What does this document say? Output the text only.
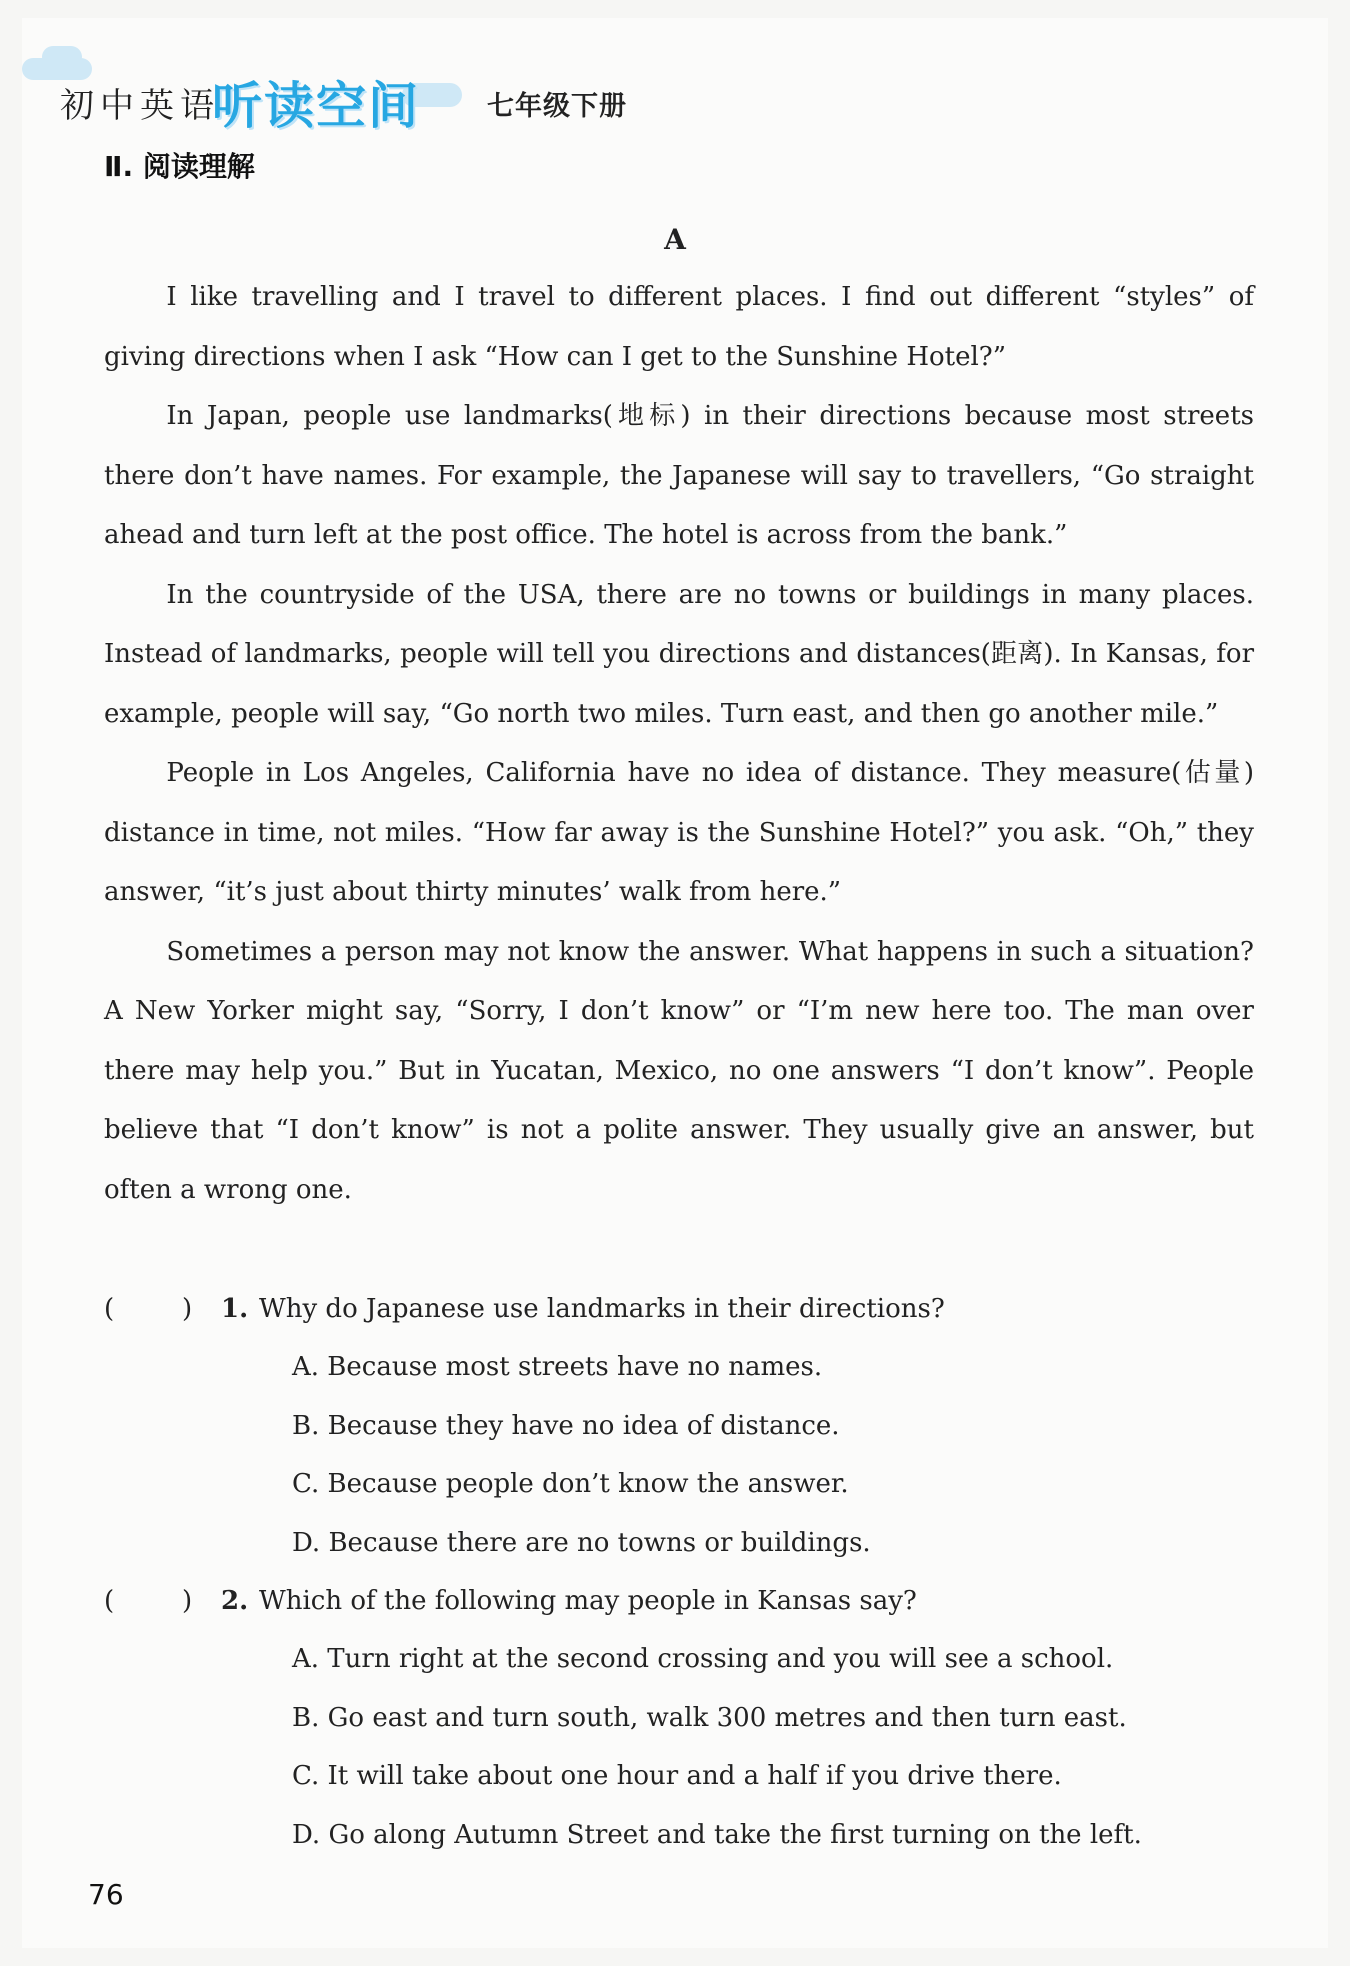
初中英语
听读空间 七年级下册
Ⅱ. 阅读理解
A

I like travelling and I travel to different places. I find out different “styles” of giving directions when I ask “How can I get to the Sunshine Hotel?”

In Japan, people use landmarks(地标) in their directions because most streets there don’t have names. For example, the Japanese will say to travellers, “Go straight ahead and turn left at the post office. The hotel is across from the bank.”

In the countryside of the USA, there are no towns or buildings in many places. Instead of landmarks, people will tell you directions and distances(距离). In Kansas, for example, people will say, “Go north two miles. Turn east, and then go another mile.”

People in Los Angeles, California have no idea of distance. They measure(估量) distance in time, not miles. “How far away is the Sunshine Hotel?” you ask. “Oh,” they answer, “it’s just about thirty minutes’ walk from here.”

Sometimes a person may not know the answer. What happens in such a situation? A New Yorker might say, “Sorry, I don’t know” or “I’m new here too. The man over there may help you.” But in Yucatan, Mexico, no one answers “I don’t know”. People believe that “I don’t know” is not a polite answer. They usually give an answer, but often a wrong one.

(	) 1. Why do Japanese use landmarks in their directions?
A. Because most streets have no names.
B. Because they have no idea of distance.
C. Because people don’t know the answer.
D. Because there are no towns or buildings.
(	) 2. Which of the following may people in Kansas say?
A. Turn right at the second crossing and you will see a school.
B. Go east and turn south, walk 300 metres and then turn east.
C. It will take about one hour and a half if you drive there.
D. Go along Autumn Street and take the first turning on the left.
76
